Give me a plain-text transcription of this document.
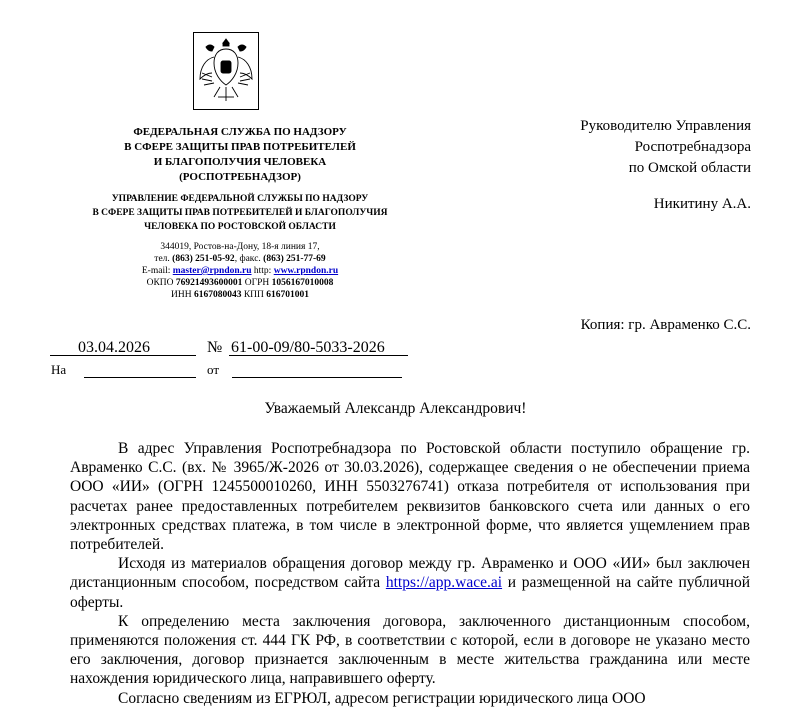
ФЕДЕРАЛЬНАЯ СЛУЖБА ПО НАДЗОРУ
В СФЕРЕ ЗАЩИТЫ ПРАВ ПОТРЕБИТЕЛЕЙ
И БЛАГОПОЛУЧИЯ ЧЕЛОВЕКА
(РОСПОТРЕБНАДЗОР)
УПРАВЛЕНИЕ ФЕДЕРАЛЬНОЙ СЛУЖБЫ ПО НАДЗОРУ
В СФЕРЕ ЗАЩИТЫ ПРАВ ПОТРЕБИТЕЛЕЙ И БЛАГОПОЛУЧИЯ
ЧЕЛОВЕКА ПО РОСТОВСКОЙ ОБЛАСТИ
344019, Ростов-на-Дону, 18-я линия 17,
тел. (863) 251-05-92, факс. (863) 251-77-69
E-mail: master@rpndon.ru http: www.rpndon.ru
ОКПО 76921493600001 ОГРН 1056167010008
ИНН 6167080043 КПП 616701001
Руководителю Управления
Роспотребнадзора
по Омской области
Никитину А.А.
Копия: гр. Авраменко С.С.
03.04.2026	№ 61-00-09/80-5033-2026
На	от
Уважаемый Александр Александрович!

В адрес Управления Роспотребнадзора по Ростовской области поступило обращение гр. Авраменко С.С. (вх. № 3965/Ж-2026 от 30.03.2026), содержащее сведения о не обеспечении приема ООО «ИИ» (ОГРН 1245500010260, ИНН 5503276741) отказа потребителя от использования при расчетах ранее предоставленных потребителем реквизитов банковского счета или данных о его электронных средствах платежа, в том числе в электронной форме, что является ущемлением прав потребителей.

Исходя из материалов обращения договор между гр. Авраменко и ООО «ИИ» был заключен дистанционным способом, посредством сайта https://app.wace.ai и размещенной на сайте публичной оферты.

К определению места заключения договора, заключенного дистанционным способом, применяются положения ст. 444 ГК РФ, в соответствии с которой, если в договоре не указано место его заключения, договор признается заключенным в месте жительства гражданина или месте нахождения юридического лица, направившего оферту.

Согласно сведениям из ЕГРЮЛ, адресом регистрации юридического лица ООО
